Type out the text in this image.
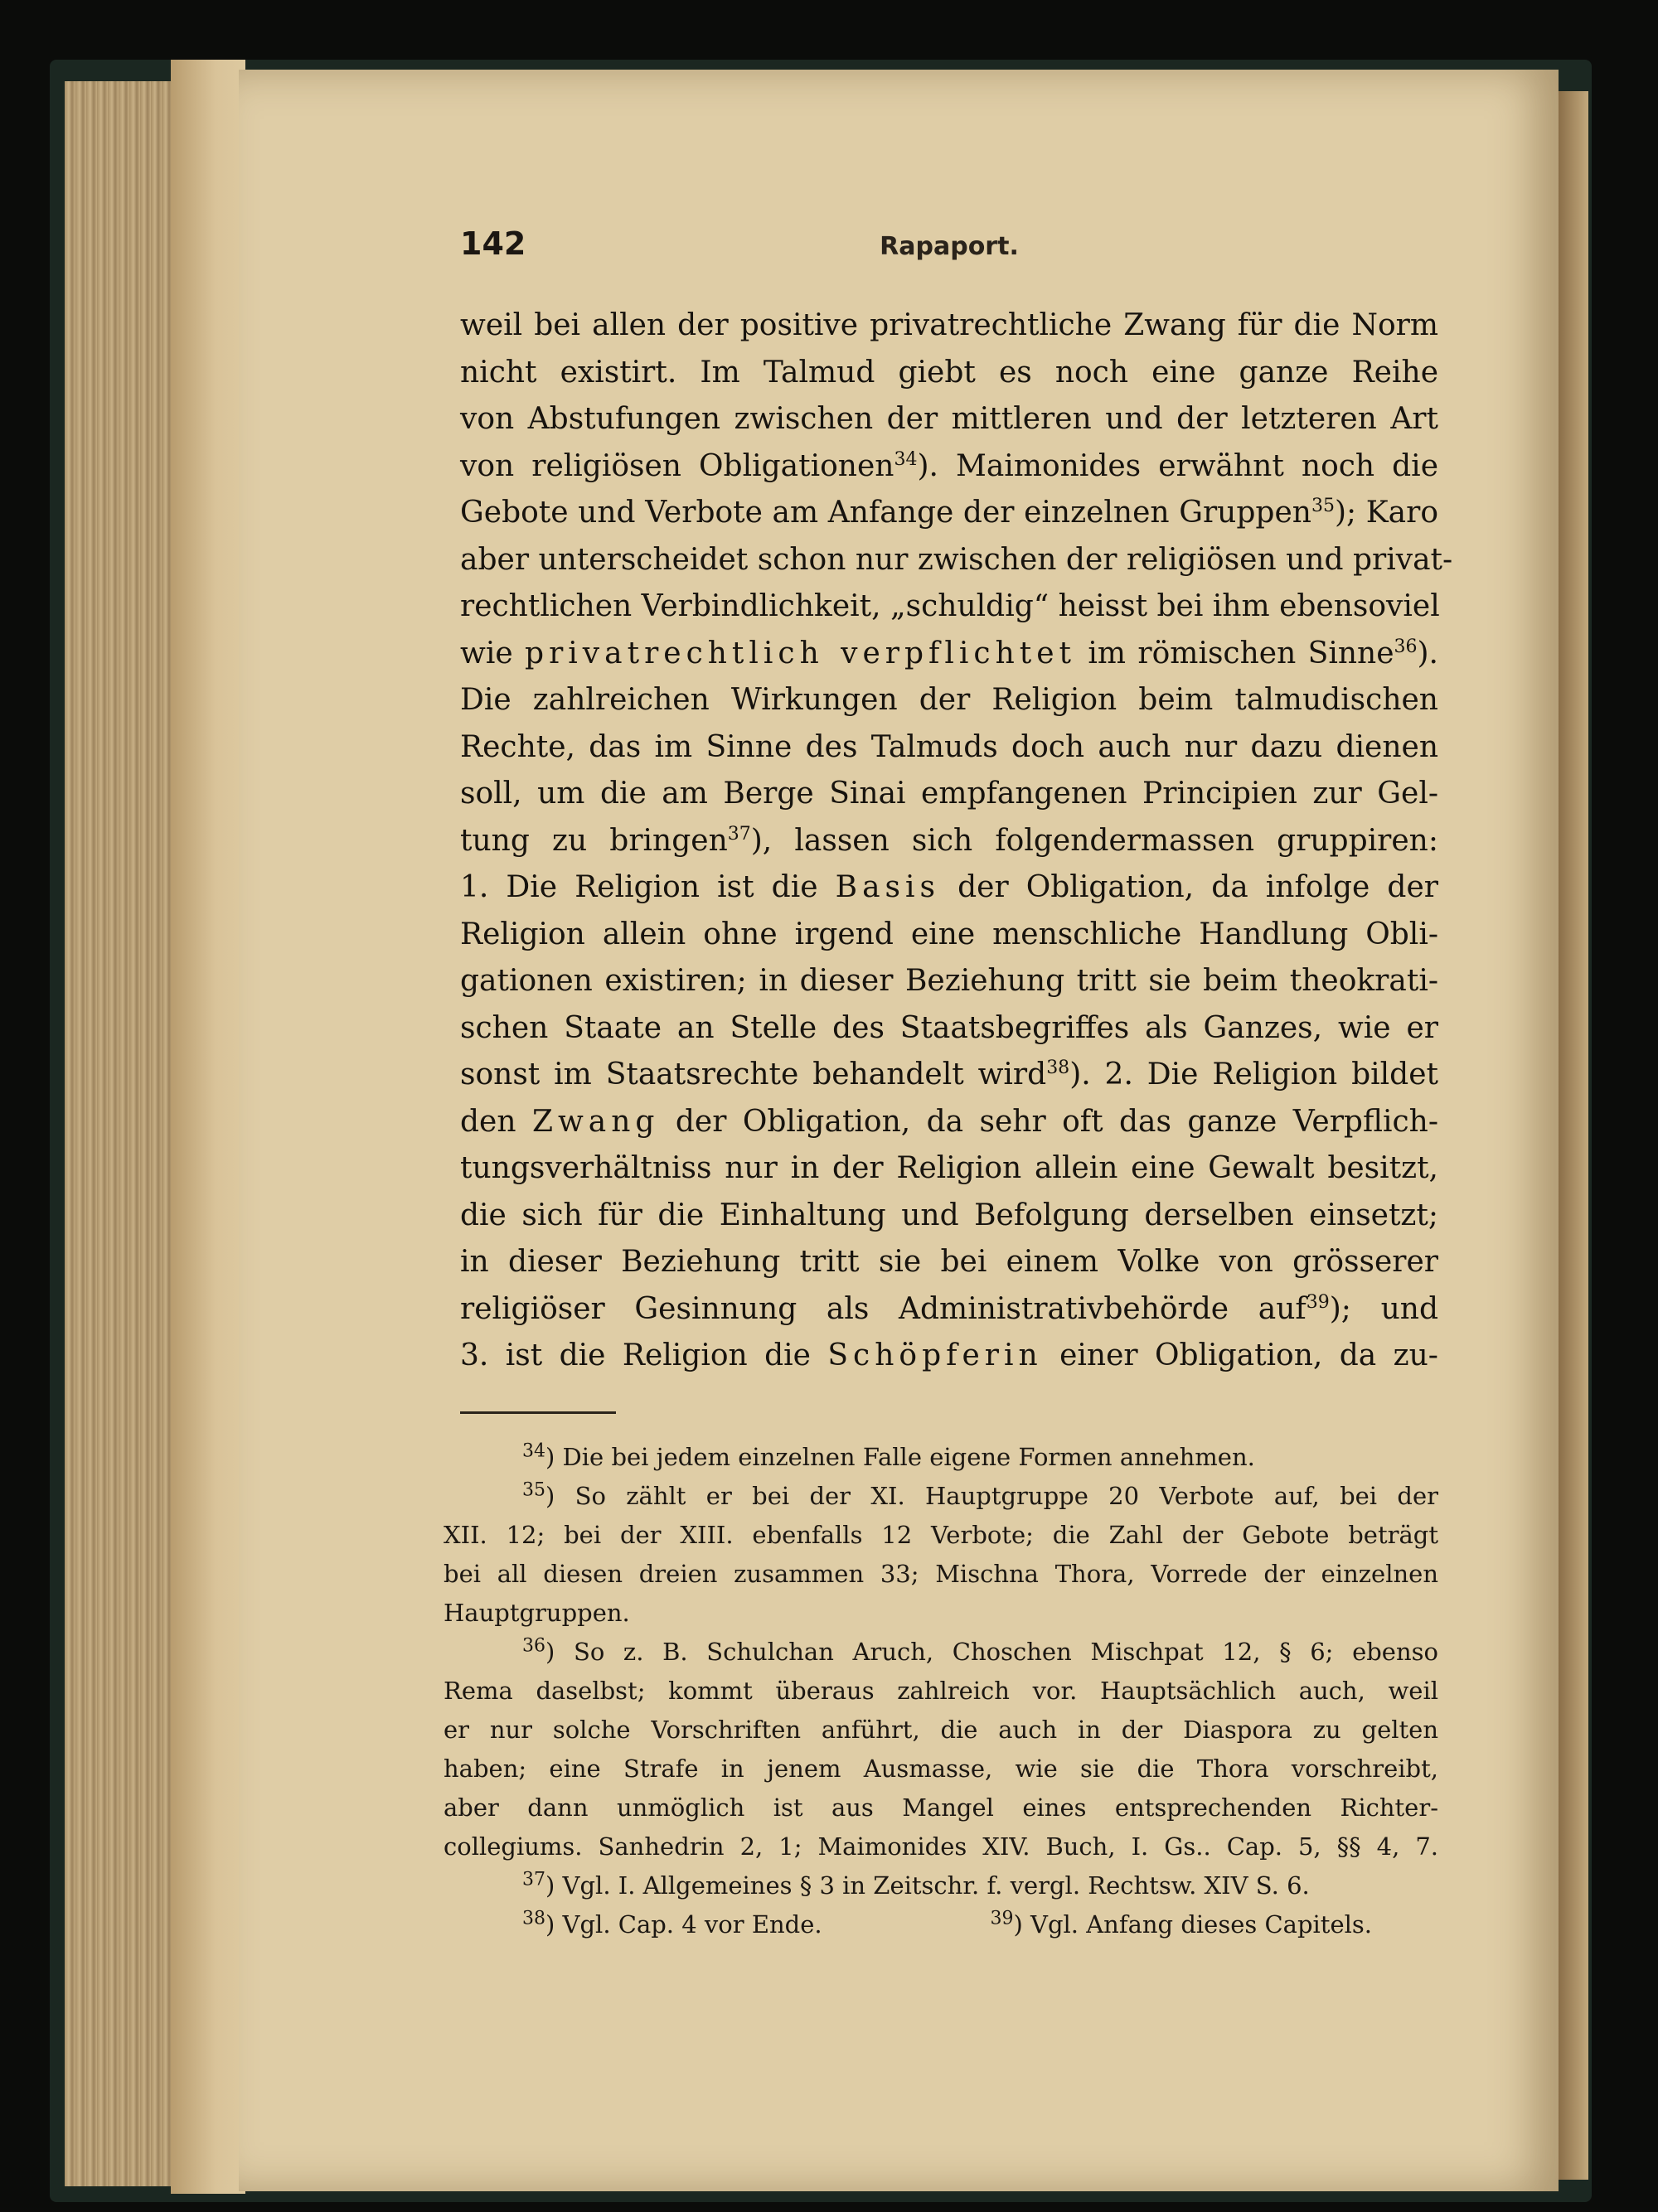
142	Rapaport.
weil bei allen der positive privatrechtliche Zwang für die Norm
nicht existirt. Im Talmud giebt es noch eine ganze Reihe
von Abstufungen zwischen der mittleren und der letzteren Art
von religiösen Obligationen$^{34}$). Maimonides erwähnt noch die
Gebote und Verbote am Anfange der einzelnen Gruppen$^{35}$); Karo
aber unterscheidet schon nur zwischen der religiösen und privat-
rechtlichen Verbindlichkeit, „schuldig“ heisst bei ihm ebensoviel
wie privatrechtlich verpflichtet im römischen Sinne$^{36}$).
Die zahlreichen Wirkungen der Religion beim talmudischen
Rechte, das im Sinne des Talmuds doch auch nur dazu dienen
soll, um die am Berge Sinai empfangenen Principien zur Gel-
tung zu bringen$^{37}$), lassen sich folgendermassen gruppiren:
1. Die Religion ist die Basis der Obligation, da infolge der
Religion allein ohne irgend eine menschliche Handlung Obli-
gationen existiren; in dieser Beziehung tritt sie beim theokrati-
schen Staate an Stelle des Staatsbegriffes als Ganzes, wie er
sonst im Staatsrechte behandelt wird$^{38}$). 2. Die Religion bildet
den Zwang der Obligation, da sehr oft das ganze Verpflich-
tungsverhältniss nur in der Religion allein eine Gewalt besitzt,
die sich für die Einhaltung und Befolgung derselben einsetzt;
in dieser Beziehung tritt sie bei einem Volke von grösserer
religiöser Gesinnung als Administrativbehörde auf$^{39}$); und
3. ist die Religion die Schöpferin einer Obligation, da zu-
$^{34}$) Die bei jedem einzelnen Falle eigene Formen annehmen.
$^{35}$) So zählt er bei der XI. Hauptgruppe 20 Verbote auf, bei der
XII. 12; bei der XIII. ebenfalls 12 Verbote; die Zahl der Gebote beträgt
bei all diesen dreien zusammen 33; Mischna Thora, Vorrede der einzelnen
Hauptgruppen.
$^{36}$) So z. B. Schulchan Aruch, Choschen Mischpat 12, § 6; ebenso
Rema daselbst; kommt überaus zahlreich vor. Hauptsächlich auch, weil
er nur solche Vorschriften anführt, die auch in der Diaspora zu gelten
haben; eine Strafe in jenem Ausmasse, wie sie die Thora vorschreibt,
aber dann unmöglich ist aus Mangel eines entsprechenden Richter-
collegiums. Sanhedrin 2, 1; Maimonides XIV. Buch, I. Gs.. Cap. 5, §§ 4, 7.
$^{37}$) Vgl. I. Allgemeines § 3 in Zeitschr. f. vergl. Rechtsw. XIV S. 6.
$^{38}$) Vgl. Cap. 4 vor Ende.	$^{39}$) Vgl. Anfang dieses Capitels.
